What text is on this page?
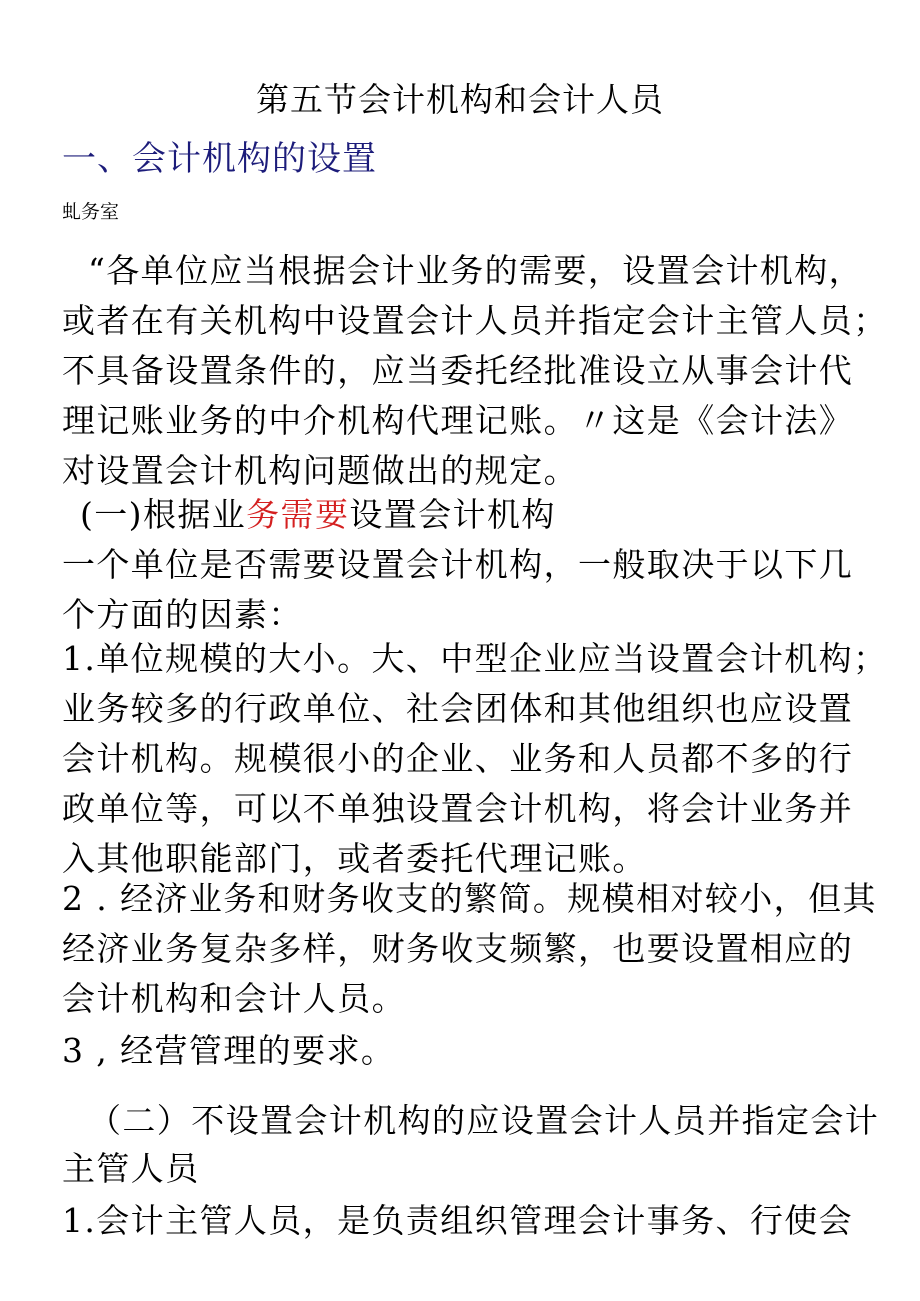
第五节会计机构和会计人员
一、会计机构的设置
虬务室
“各单位应当根据会计业务的需要，设置会计机构，
或者在有关机构中设置会计人员并指定会计主管人员；
不具备设置条件的，应当委托经批准设立从事会计代
理记账业务的中介机构代理记账。〃这是《会计法》
对设置会计机构问题做出的规定。
(一)根据业务需要设置会计机构
一个单位是否需要设置会计机构，一般取决于以下几
个方面的因素：
1.单位规模的大小。大、中型企业应当设置会计机构；
业务较多的行政单位、社会团体和其他组织也应设置
会计机构。规模很小的企业、业务和人员都不多的行
政单位等，可以不单独设置会计机构，将会计业务并
入其他职能部门，或者委托代理记账。
2 . 经济业务和财务收支的繁简。规模相对较小，但其
经济业务复杂多样，财务收支频繁，也要设置相应的
会计机构和会计人员。
3 , 经营管理的要求。
（二）不设置会计机构的应设置会计人员并指定会计
主管人员
1.会计主管人员，是负责组织管理会计事务、行使会
